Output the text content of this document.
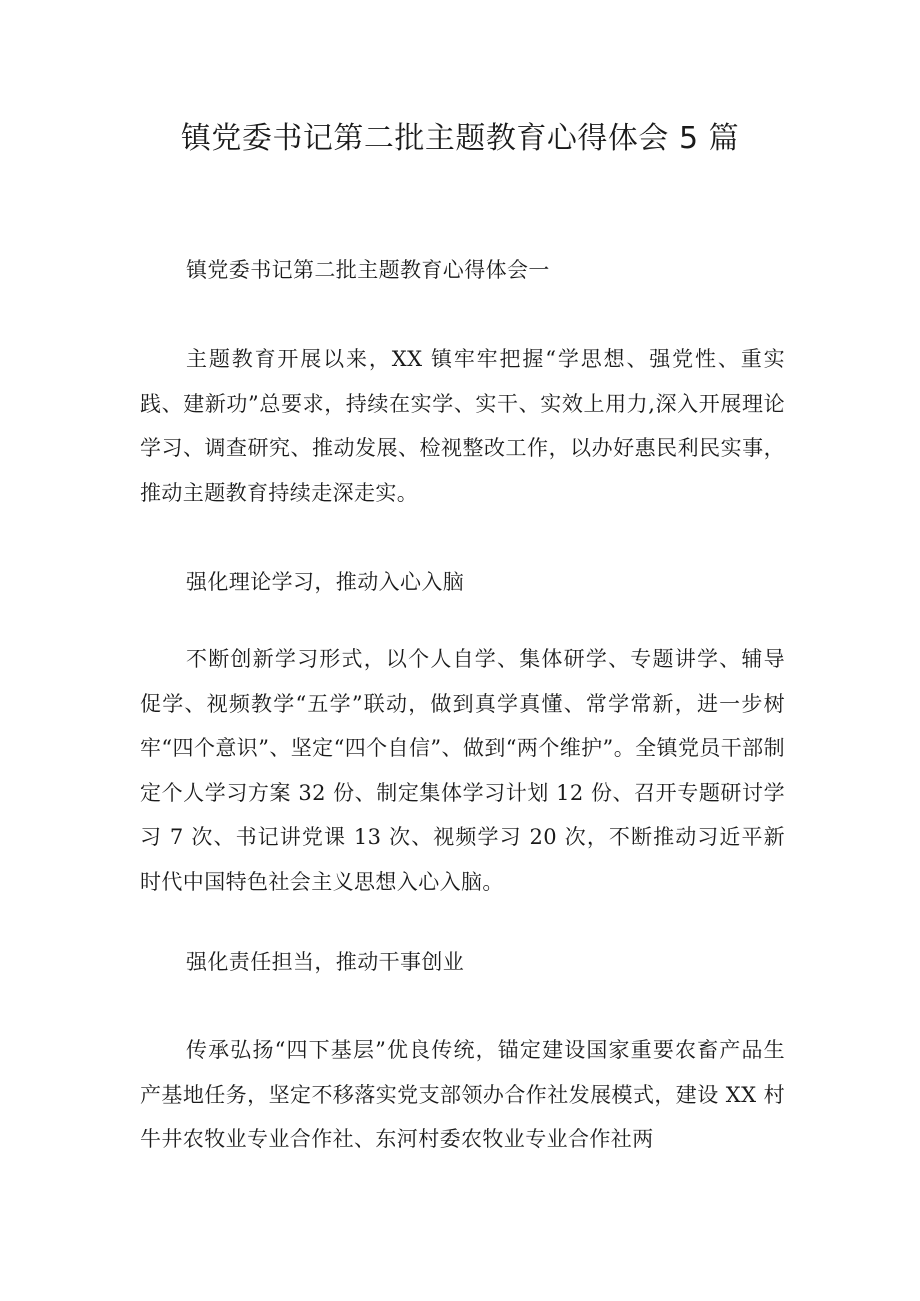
镇党委书记第二批主题教育心得体会 5 篇
镇党委书记第二批主题教育心得体会一

主题教育开展以来，XX 镇牢牢把握“学思想、强党性、重实践、建新功”总要求，持续在实学、实干、实效上用力,深入开展理论学习、调查研究、推动发展、检视整改工作，以办好惠民利民实事，推动主题教育持续走深走实。

强化理论学习，推动入心入脑

不断创新学习形式，以个人自学、集体研学、专题讲学、辅导促学、视频教学“五学”联动，做到真学真懂、常学常新，进一步树牢“四个意识”、坚定“四个自信”、做到“两个维护”。全镇党员干部制定个人学习方案 32 份、制定集体学习计划 12 份、召开专题研讨学习 7 次、书记讲党课 13 次、视频学习 20 次，不断推动习近平新时代中国特色社会主义思想入心入脑。

强化责任担当，推动干事创业

传承弘扬“四下基层”优良传统，锚定建设国家重要农畜产品生产基地任务，坚定不移落实党支部领办合作社发展模式，建设 XX 村牛井农牧业专业合作社、东河村委农牧业专业合作社两
